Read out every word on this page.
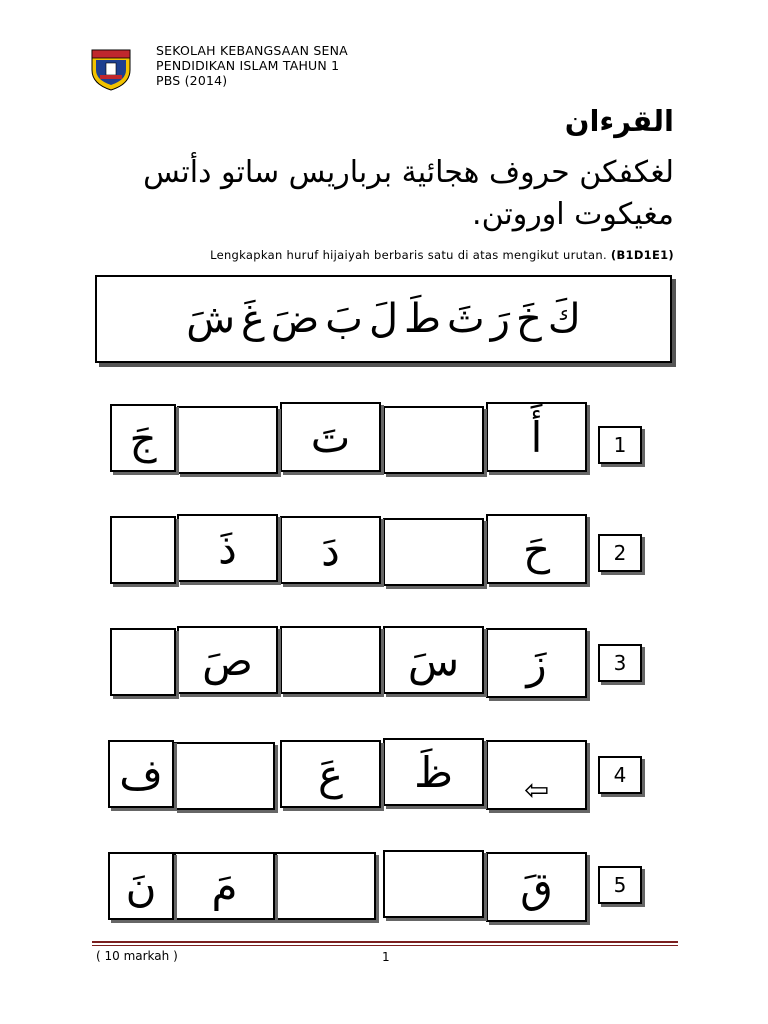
SEKOLAH KEBANGSAAN SENA
PENDIDIKAN ISLAM TAHUN 1
PBS (2014)
القرءان
لغكفكن حروف هجائية برباريس ساتو دأتس مغيكوت اوروتن.
Lengkapkan huruf hijaiyah berbaris satu di atas mengikut urutan. (B1D1E1)
كَ
خَ
رَ
ثَ
طَ
لَ
بَ
ضَ
غَ
شَ
1
أَ
تَ
جَ
2
حَ
دَ
ذَ
3
زَ
سَ
صَ
4
⇦
ظَ
عَ
ف
5
قَ
مَ
نَ
( 10 markah )	1
